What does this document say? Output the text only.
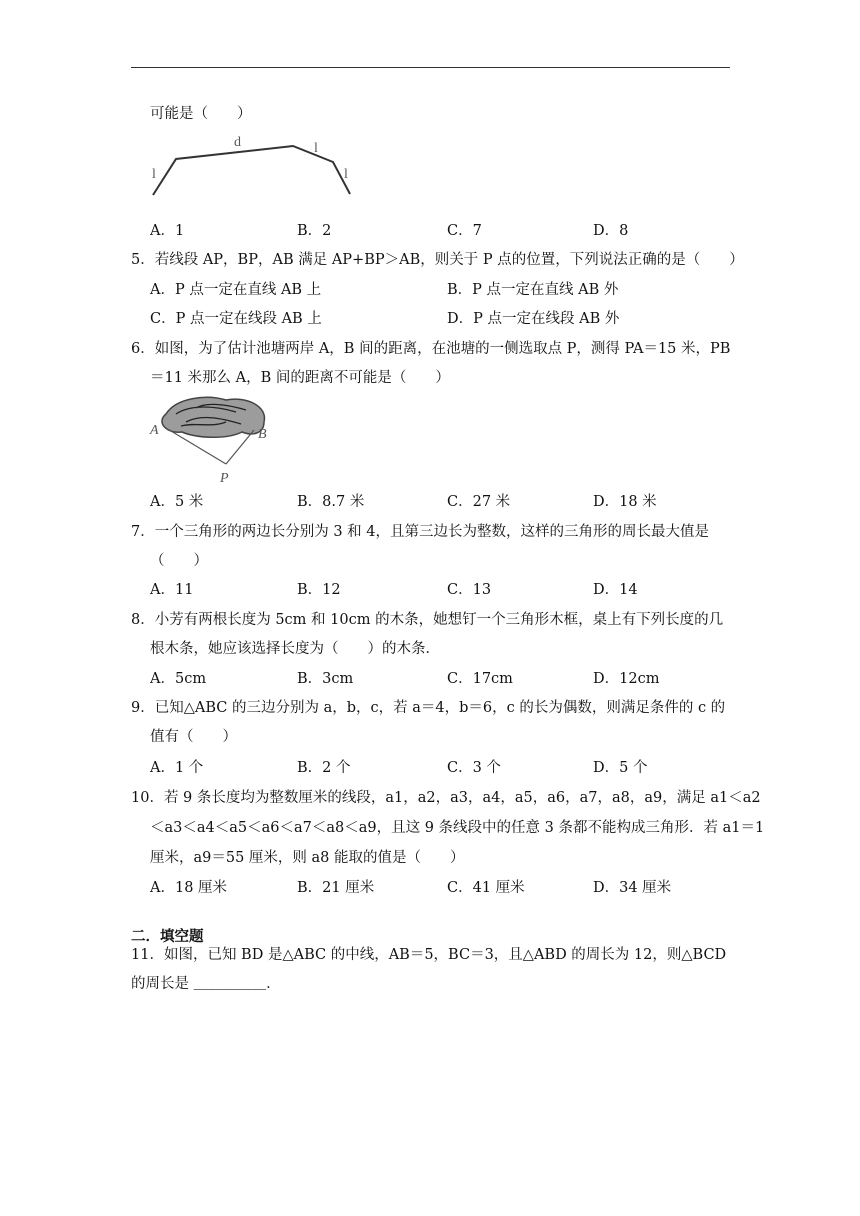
可能是（　　）
d
l
l
l
A．1	B．2	C．7	D．8
5．若线段 AP，BP，AB 满足 AP+BP＞AB，则关于 P 点的位置，下列说法正确的是（　　）
A．P 点一定在直线 AB 上	B．P 点一定在直线 AB 外
C．P 点一定在线段 AB 上	D．P 点一定在线段 AB 外
6．如图，为了估计池塘两岸 A，B 间的距离，在池塘的一侧选取点 P，测得 PA＝15 米，PB
＝11 米那么 A，B 间的距离不可能是（　　）
A	B
P
A．5 米	B．8.7 米	C．27 米	D．18 米
7．一个三角形的两边长分别为 3 和 4，且第三边长为整数，这样的三角形的周长最大值是
（　　）
A．11	B．12	C．13	D．14
8．小芳有两根长度为 5cm 和 10cm 的木条，她想钉一个三角形木框，桌上有下列长度的几
根木条，她应该选择长度为（　　）的木条．
A．5cm	B．3cm	C．17cm	D．12cm
9．已知△ABC 的三边分别为 a，b，c，若 a＝4，b＝6，c 的长为偶数，则满足条件的 c 的
值有（　　）
A．1 个	B．2 个	C．3 个	D．5 个
10．若 9 条长度均为整数厘米的线段，a1，a2，a3，a4，a5，a6，a7，a8，a9，满足 a1＜a2
＜a3＜a4＜a5＜a6＜a7＜a8＜a9，且这 9 条线段中的任意 3 条都不能构成三角形．若 a1＝1
厘米，a9＝55 厘米，则 a8 能取的值是（　　）
A．18 厘米	B．21 厘米	C．41 厘米	D．34 厘米
二．填空题
11．如图，已知 BD 是△ABC 的中线，AB＝5，BC＝3，且△ABD 的周长为 12，则△BCD
的周长是 ＿＿＿＿＿．
